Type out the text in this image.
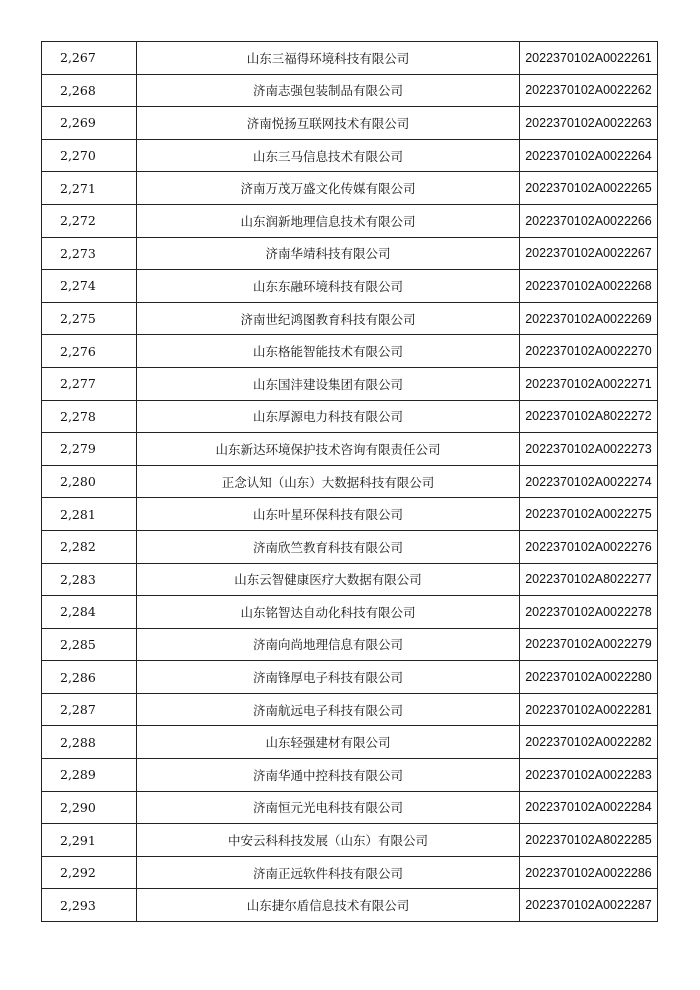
2,267	山东三福得环境科技有限公司	2022370102A0022261
2,268	济南志强包装制品有限公司	2022370102A0022262
2,269	济南悦扬互联网技术有限公司	2022370102A0022263
2,270	山东三马信息技术有限公司	2022370102A0022264
2,271	济南万茂万盛文化传媒有限公司	2022370102A0022265
2,272	山东润新地理信息技术有限公司	2022370102A0022266
2,273	济南华靖科技有限公司	2022370102A0022267
2,274	山东东融环境科技有限公司	2022370102A0022268
2,275	济南世纪鸿图教育科技有限公司	2022370102A0022269
2,276	山东格能智能技术有限公司	2022370102A0022270
2,277	山东国沣建设集团有限公司	2022370102A0022271
2,278	山东厚源电力科技有限公司	2022370102A8022272
2,279	山东新达环境保护技术咨询有限责任公司	2022370102A0022273
2,280	正念认知（山东）大数据科技有限公司	2022370102A0022274
2,281	山东叶星环保科技有限公司	2022370102A0022275
2,282	济南欣竺教育科技有限公司	2022370102A0022276
2,283	山东云智健康医疗大数据有限公司	2022370102A8022277
2,284	山东铭智达自动化科技有限公司	2022370102A0022278
2,285	济南向尚地理信息有限公司	2022370102A0022279
2,286	济南锋厚电子科技有限公司	2022370102A0022280
2,287	济南航远电子科技有限公司	2022370102A0022281
2,288	山东轻强建材有限公司	2022370102A0022282
2,289	济南华通中控科技有限公司	2022370102A0022283
2,290	济南恒元光电科技有限公司	2022370102A0022284
2,291	中安云科科技发展（山东）有限公司	2022370102A8022285
2,292	济南正远软件科技有限公司	2022370102A0022286
2,293	山东捷尔盾信息技术有限公司	2022370102A0022287
